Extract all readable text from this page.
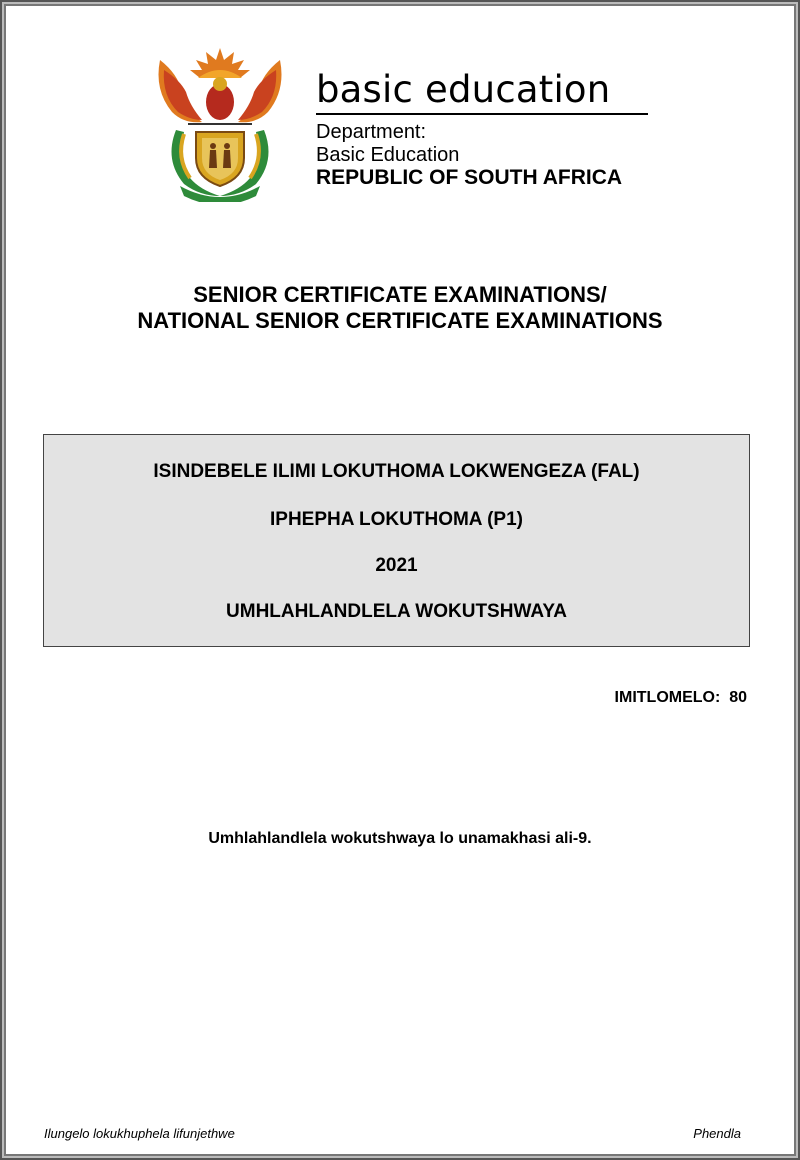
basic education
Department:
Basic Education
REPUBLIC OF SOUTH AFRICA
SENIOR CERTIFICATE EXAMINATIONS/
NATIONAL SENIOR CERTIFICATE EXAMINATIONS
ISINDEBELE ILIMI LOKUTHOMA LOKWENGEZA (FAL)
IPHEPHA LOKUTHOMA (P1)
2021
UMHLAHLANDLELA WOKUTSHWAYA
IMITLOMELO:  80
Umhlahlandlela wokutshwaya lo unamakhasi ali-9.
Ilungelo lokukhuphela lifunjethwe	Phendla
